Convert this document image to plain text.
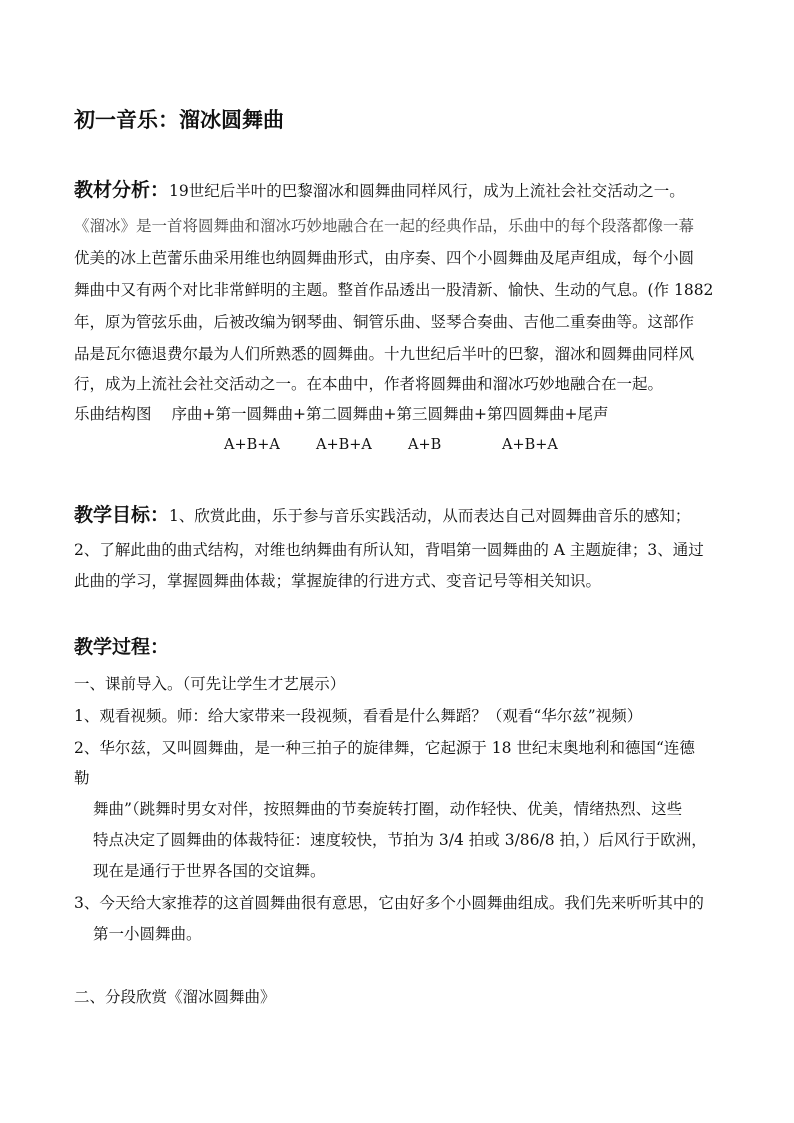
初一音乐：溜冰圆舞曲
教材分析：19世纪后半叶的巴黎溜冰和圆舞曲同样风行，成为上流社会社交活动之一。
《溜冰》是一首将圆舞曲和溜冰巧妙地融合在一起的经典作品，乐曲中的每个段落都像一幕
优美的冰上芭蕾乐曲采用维也纳圆舞曲形式，由序奏、四个小圆舞曲及尾声组成，每个小圆
舞曲中又有两个对比非常鲜明的主题。整首作品透出一股清新、愉快、生动的气息。(作 1882
年，原为管弦乐曲，后被改编为钢琴曲、铜管乐曲、竖琴合奏曲、吉他二重奏曲等。这部作
品是瓦尔德退费尔最为人们所熟悉的圆舞曲。十九世纪后半叶的巴黎，溜冰和圆舞曲同样风
行，成为上流社会社交活动之一。在本曲中，作者将圆舞曲和溜冰巧妙地融合在一起。
乐曲结构图 序曲+第一圆舞曲+第二圆舞曲+第三圆舞曲+第四圆舞曲+尾声
A+B+A A+B+A A+B	A+B+A
教学目标：1、欣赏此曲，乐于参与音乐实践活动，从而表达自己对圆舞曲音乐的感知；
2、了解此曲的曲式结构，对维也纳舞曲有所认知，背唱第一圆舞曲的 A 主题旋律；3、通过
此曲的学习，掌握圆舞曲体裁；掌握旋律的行进方式、变音记号等相关知识。
教学过程：
一、课前导入。（可先让学生才艺展示）
1、观看视频。师：给大家带来一段视频，看看是什么舞蹈？（观看“华尔兹”视频）
2、华尔兹，又叫圆舞曲，是一种三拍子的旋律舞，它起源于 18 世纪末奥地利和德国“连德
勒
舞曲”（跳舞时男女对伴，按照舞曲的节奏旋转打圈，动作轻快、优美，情绪热烈、这些
特点决定了圆舞曲的体裁特征：速度较快，节拍为 3/4 拍或 3/86/8 拍，）后风行于欧洲，
现在是通行于世界各国的交谊舞。
3、今天给大家推荐的这首圆舞曲很有意思，它由好多个小圆舞曲组成。我们先来听听其中的
第一小圆舞曲。
二、分段欣赏《溜冰圆舞曲》
